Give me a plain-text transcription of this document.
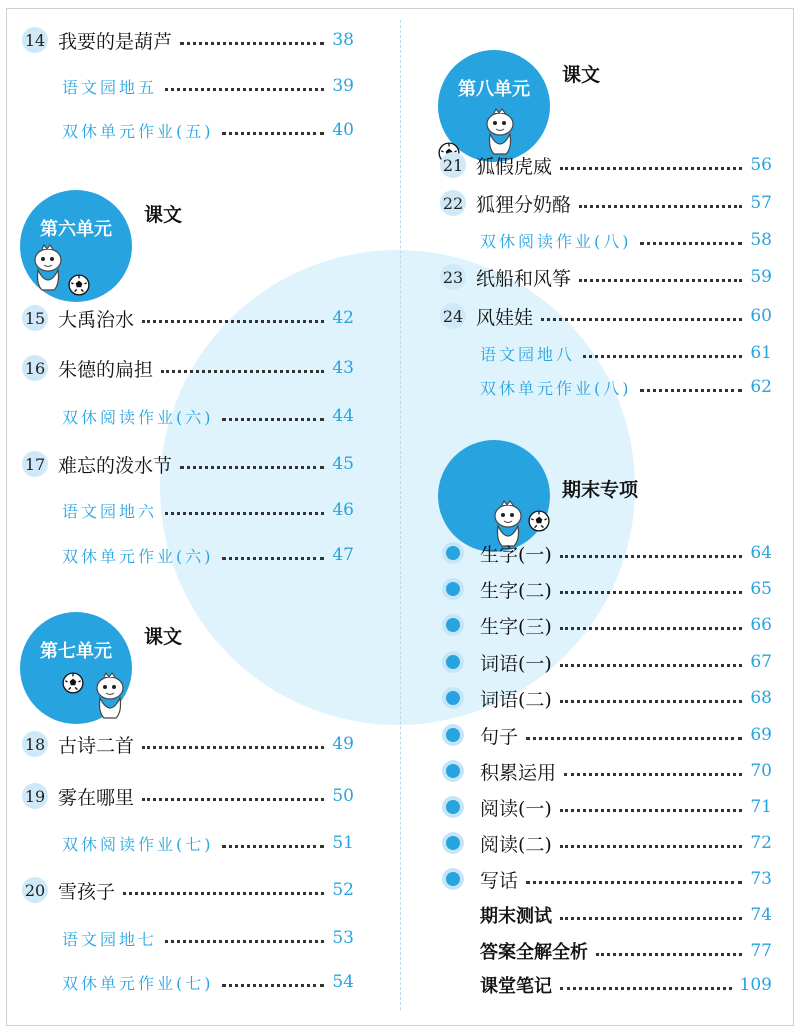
14 我要的是葫芦	38
语文园地五	39
双休单元作业(五)	40
第六单元
课文
15 大禹治水	42
16 朱德的扁担	43
双休阅读作业(六)	44
17 难忘的泼水节	45
语文园地六	46
双休单元作业(六)	47
第七单元
课文
18 古诗二首	49
19 雾在哪里	50
双休阅读作业(七)	51
20 雪孩子	52
语文园地七	53
双休单元作业(七)	54
第八单元
课文
21 狐假虎威	56
22 狐狸分奶酪	57
双休阅读作业(八)	58
23 纸船和风筝	59
24 风娃娃	60
语文园地八	61
双休单元作业(八)	62
期末专项
生字(一)	64
生字(二)	65
生字(三)	66
词语(一)	67
词语(二)	68
句子	69
积累运用	70
阅读(一)	71
阅读(二)	72
写话	73
期末测试	74
答案全解全析	77
课堂笔记	109
